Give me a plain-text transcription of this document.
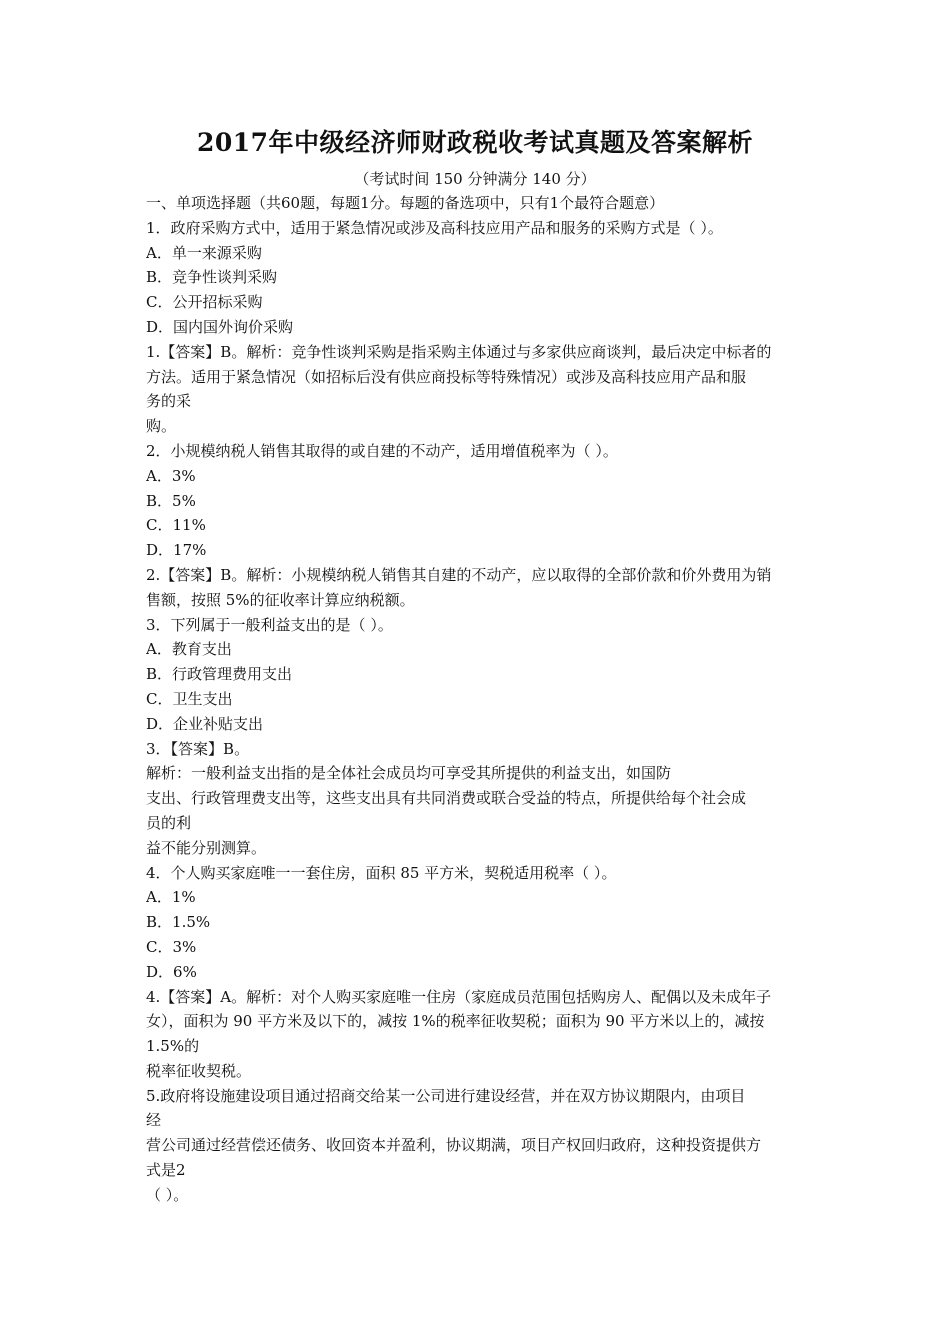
2017年中级经济师财政税收考试真题及答案解析
（考试时间 150 分钟满分 140 分）
一、单项选择题（共60题，每题1分。每题的备选项中，只有1个最符合题意）
1．政府采购方式中，适用于紧急情况或涉及高科技应用产品和服务的采购方式是（ ）。
A．单一来源采购
B．竞争性谈判采购
C．公开招标采购
D．国内国外询价采购
1.【答案】B。解析：竞争性谈判采购是指采购主体通过与多家供应商谈判，最后决定中标者的
方法。适用于紧急情况（如招标后没有供应商投标等特殊情况）或涉及高科技应用产品和服
务的采
购。
2．小规模纳税人销售其取得的或自建的不动产，适用增值税率为（ ）。
A．3%
B．5%
C．11%
D．17%
2.【答案】B。解析：小规模纳税人销售其自建的不动产，应以取得的全部价款和价外费用为销
售额，按照 5%的征收率计算应纳税额。
3．下列属于一般利益支出的是（ ）。
A．教育支出
B．行政管理费用支出
C．卫生支出
D．企业补贴支出
3．【答案】B。
解析：一般利益支出指的是全体社会成员均可享受其所提供的利益支出，如国防
支出、行政管理费支出等，这些支出具有共同消费或联合受益的特点，所提供给每个社会成
员的利
益不能分别测算。
4．个人购买家庭唯一一套住房，面积 85 平方米，契税适用税率（ ）。
A．1%
B．1.5%
C．3%
D．6%
4.【答案】A。解析：对个人购买家庭唯一住房（家庭成员范围包括购房人、配偶以及未成年子
女），面积为 90 平方米及以下的，减按 1%的税率征收契税；面积为 90 平方米以上的，减按
1.5%的
税率征收契税。
5.政府将设施建设项目通过招商交给某一公司进行建设经营，并在双方协议期限内，由项目
经
营公司通过经营偿还债务、收回资本并盈利，协议期满，项目产权回归政府，这种投资提供方
式是2
（ ）。
